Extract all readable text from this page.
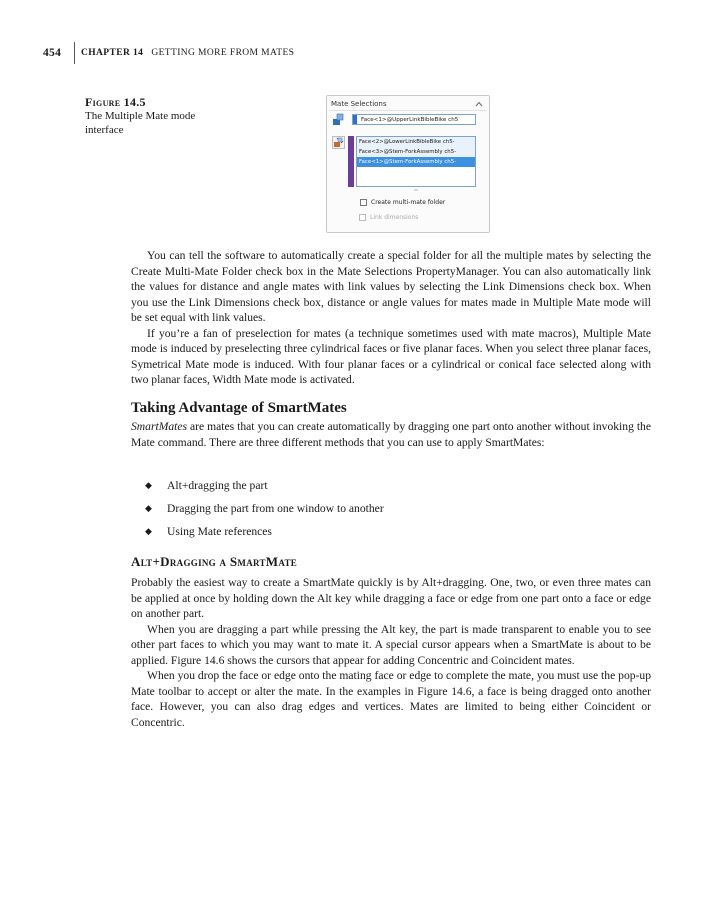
454	CHAPTER 14 GETTING MORE FROM MATES
Figure 14.5
The Multiple Mate mode interface
Mate Selections
Face<1>@UpperLinkBibleBike ch5
Face<2>@LowerLinkBibleBike ch5-
Face<3>@Stem-ForkAssembly ch5-
Face<1>@Stem-ForkAssembly ch5-
Create multi-mate folder
Link dimensions

You can tell the software to automatically create a special folder for all the multiple mates by selecting the Create Multi-Mate Folder check box in the Mate Selections PropertyManager. You can also automatically link the values for distance and angle mates with link values by selecting the Link Dimensions check box. When you use the Link Dimensions check box, distance or angle values for mates made in Multiple Mate mode will be set equal with link values.

If you’re a fan of preselection for mates (a technique sometimes used with mate macros), Multiple Mate mode is induced by preselecting three cylindrical faces or five planar faces. When you select three planar faces, Symetrical Mate mode is induced. With four planar faces or a cylindrical or conical face selected along with two planar faces, Width Mate mode is activated.

Taking Advantage of SmartMates

SmartMates are mates that you can create automatically by dragging one part onto another without invoking the Mate command. There are three different methods that you can use to apply SmartMates:

◆	Alt+dragging the part
◆	Dragging the part from one window to another
◆	Using Mate references
Alt+Dragging a SmartMate

Probably the easiest way to create a SmartMate quickly is by Alt+dragging. One, two, or even three mates can be applied at once by holding down the Alt key while dragging a face or edge from one part onto a face or edge on another part.

When you are dragging a part while pressing the Alt key, the part is made transparent to enable you to see other part faces to which you may want to mate it. A special cursor appears when a SmartMate is about to be applied. Figure 14.6 shows the cursors that appear for adding Concentric and Coincident mates.

When you drop the face or edge onto the mating face or edge to complete the mate, you must use the pop-up Mate toolbar to accept or alter the mate. In the examples in Figure 14.6, a face is being dragged onto another face. However, you can also drag edges and vertices. Mates are limited to being either Coincident or Concentric.
